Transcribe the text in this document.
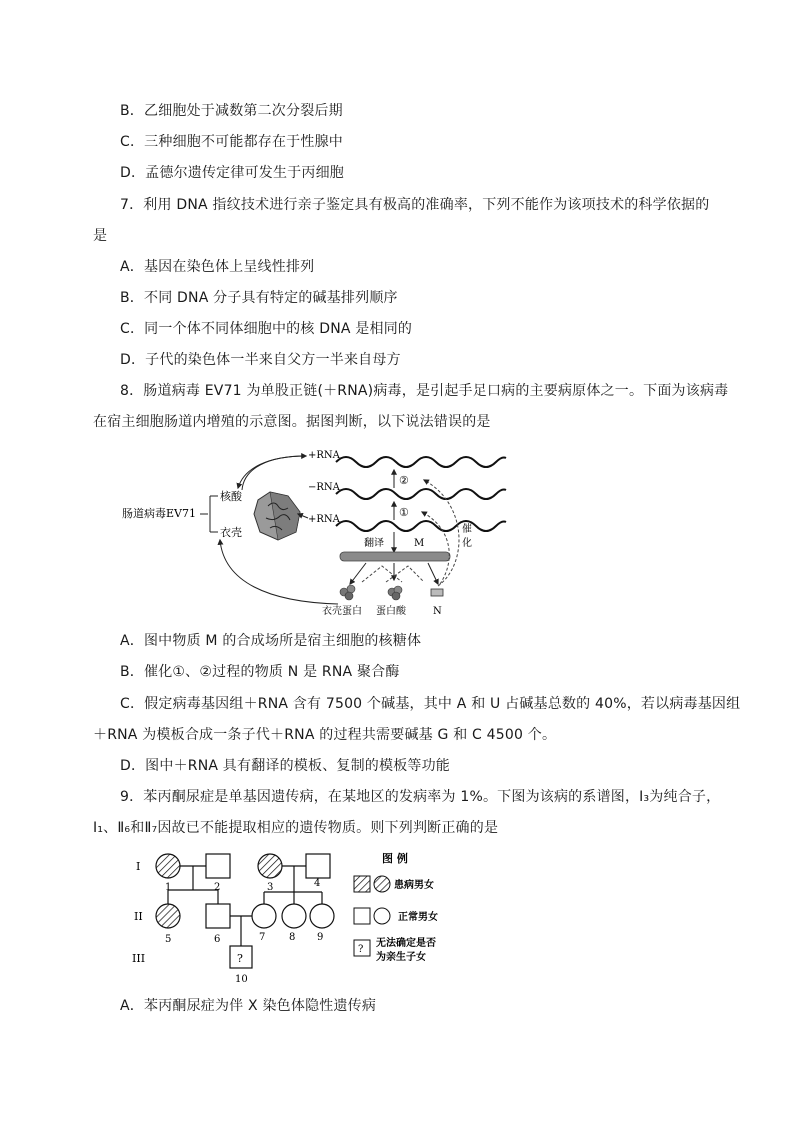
B．乙细胞处于减数第二次分裂后期
C．三种细胞不可能都存在于性腺中
D．孟德尔遗传定律可发生于丙细胞
7．利用 DNA 指纹技术进行亲子鉴定具有极高的准确率，下列不能作为该项技术的科学依据的
是
A．基因在染色体上呈线性排列
B．不同 DNA 分子具有特定的碱基排列顺序
C．同一个体不同体细胞中的核 DNA 是相同的
D．子代的染色体一半来自父方一半来自母方
8．肠道病毒 EV71 为单股正链(＋RNA)病毒，是引起手足口病的主要病原体之一。下面为该病毒
在宿主细胞肠道内增殖的示意图。据图判断，以下说法错误的是
肠道病毒EV71
核酸
衣壳
+RNA
−RNA
+RNA
①
②
翻译	M
衣壳蛋白 蛋白酸	N
催
化
A．图中物质 M 的合成场所是宿主细胞的核糖体
B．催化①、②过程的物质 N 是 RNA 聚合酶
C．假定病毒基因组＋RNA 含有 7500 个碱基，其中 A 和 U 占碱基总数的 40%，若以病毒基因组
＋RNA 为模板合成一条子代＋RNA 的过程共需要碱基 G 和 C 4500 个。
D．图中＋RNA 具有翻译的模板、复制的模板等功能
9．苯丙酮尿症是单基因遗传病，在某地区的发病率为 1%。下图为该病的系谱图，I₃为纯合子，
I₁、Ⅱ₆和Ⅱ₇因故已不能提取相应的遗传物质。则下列判断正确的是
I
II
III
1	2	3	4
5	6	7 8 9
?
10
图 例
患病男女
正常男女
?
无法确定是否
为亲生子女
A．苯丙酮尿症为伴 X 染色体隐性遗传病
